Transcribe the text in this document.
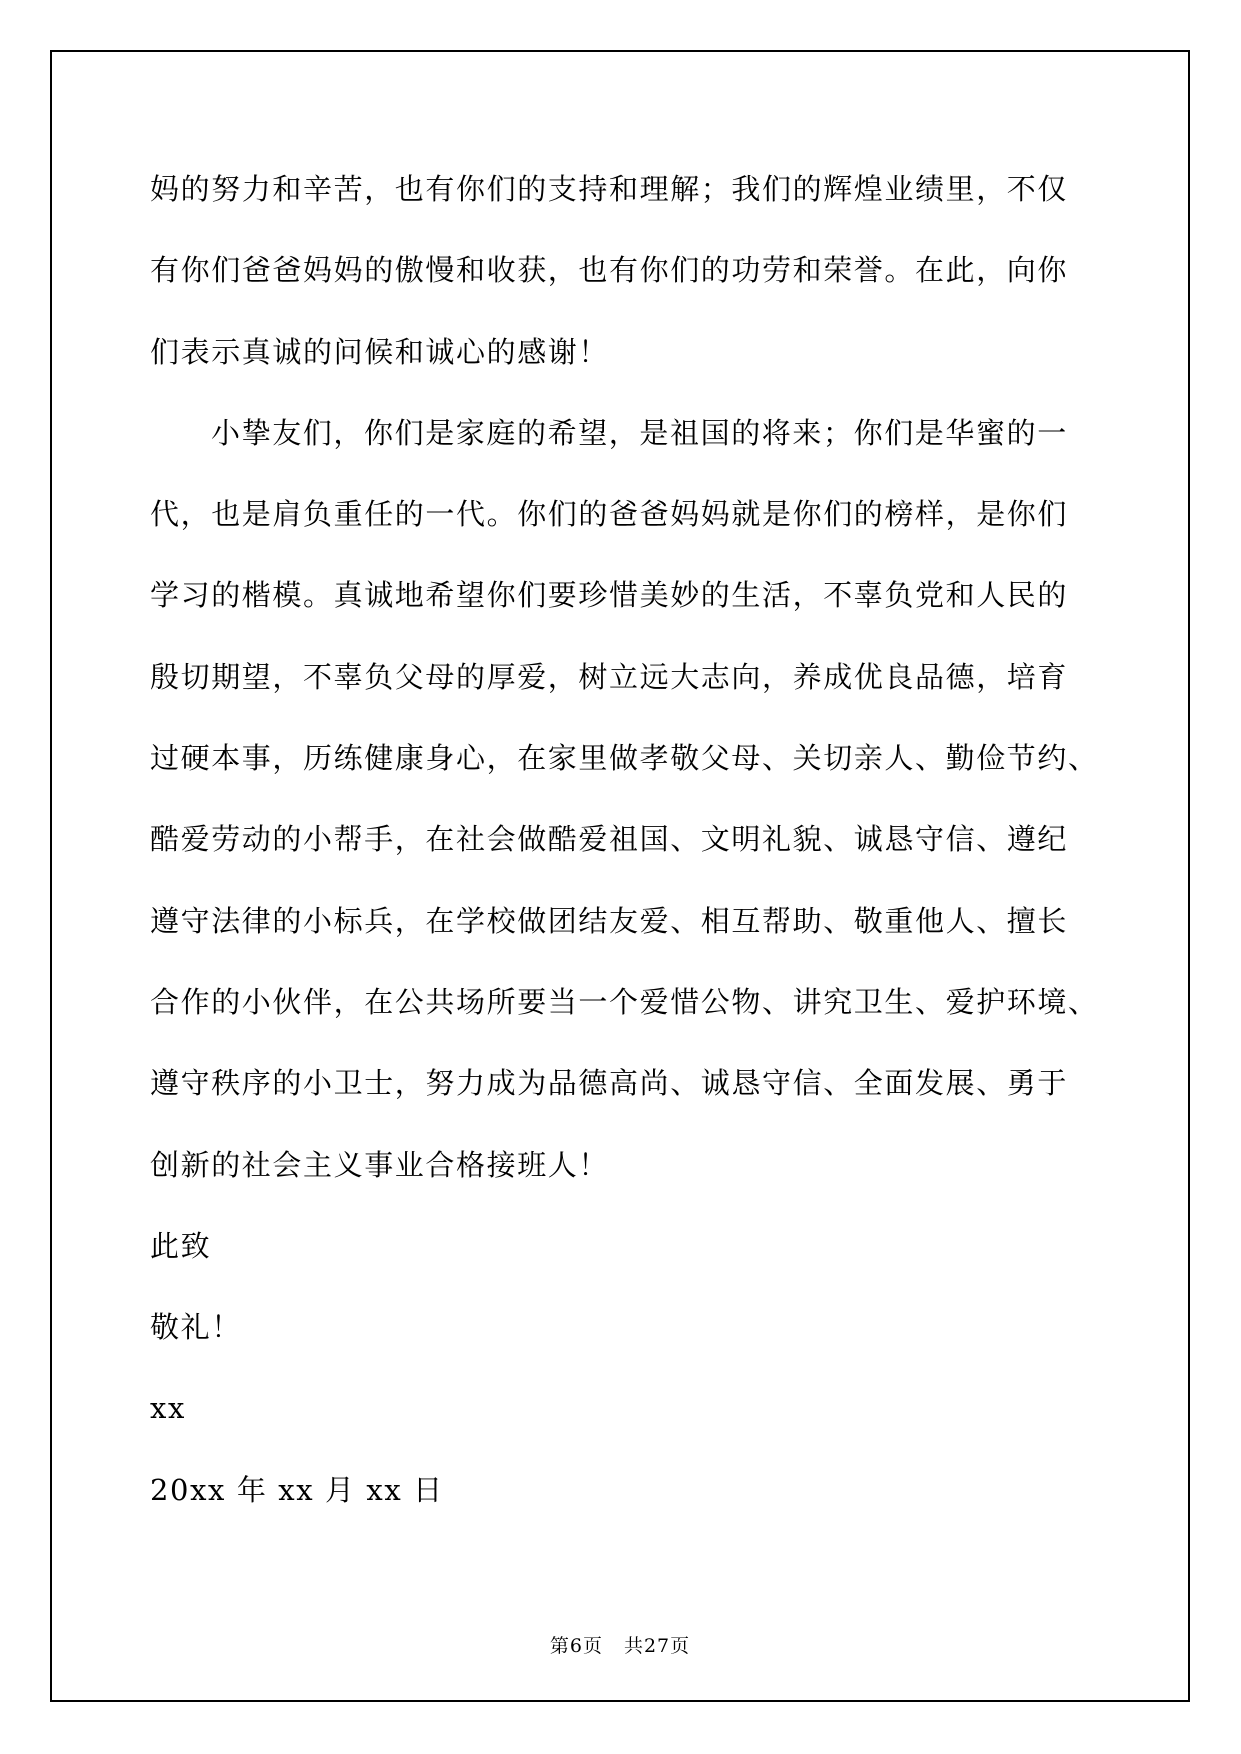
妈的努力和辛苦，也有你们的支持和理解；我们的辉煌业绩里，不仅
有你们爸爸妈妈的傲慢和收获，也有你们的功劳和荣誉。在此，向你
们表示真诚的问候和诚心的感谢！
小挚友们，你们是家庭的希望，是祖国的将来；你们是华蜜的一
代，也是肩负重任的一代。你们的爸爸妈妈就是你们的榜样，是你们
学习的楷模。真诚地希望你们要珍惜美妙的生活，不辜负党和人民的
殷切期望，不辜负父母的厚爱，树立远大志向，养成优良品德，培育
过硬本事，历练健康身心，在家里做孝敬父母、关切亲人、勤俭节约、
酷爱劳动的小帮手，在社会做酷爱祖国、文明礼貌、诚恳守信、遵纪
遵守法律的小标兵，在学校做团结友爱、相互帮助、敬重他人、擅长
合作的小伙伴，在公共场所要当一个爱惜公物、讲究卫生、爱护环境、
遵守秩序的小卫士，努力成为品德高尚、诚恳守信、全面发展、勇于
创新的社会主义事业合格接班人！
此致
敬礼！
xx
20xx 年 xx 月 xx 日
第6页 共27页
